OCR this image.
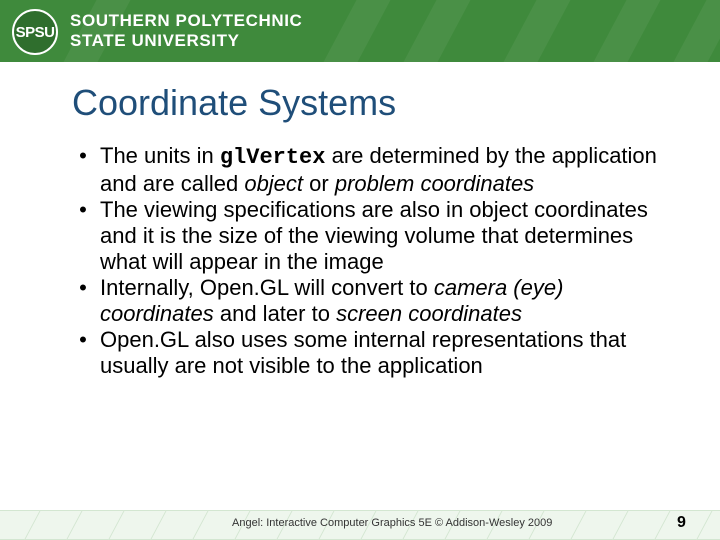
SPSU
SOUTHERN POLYTECHNIC
STATE UNIVERSITY
Coordinate Systems
• The units in glVertex are determined by the application and are called object or problem coordinates
• The viewing specifications are also in object coordinates and it is the size of the viewing volume that determines what will appear in the image
• Internally, Open.GL will convert to camera (eye) coordinates and later to screen coordinates
• Open.GL also uses some internal representations that usually are not visible to the application
Angel: Interactive Computer Graphics 5E © Addison-Wesley 2009	9
